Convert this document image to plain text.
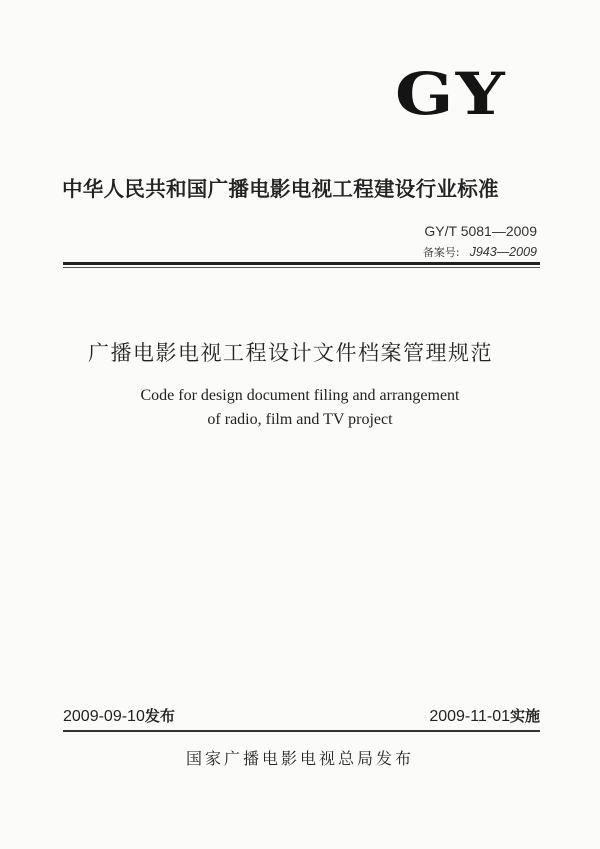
GY
中华人民共和国广播电影电视工程建设行业标准
GY/T 5081—2009
备案号: J943—2009
广播电影电视工程设计文件档案管理规范
Code for design document filing and arrangement
of radio, film and TV project
2009-09-10发布	2009-11-01实施
国家广播电影电视总局发布
